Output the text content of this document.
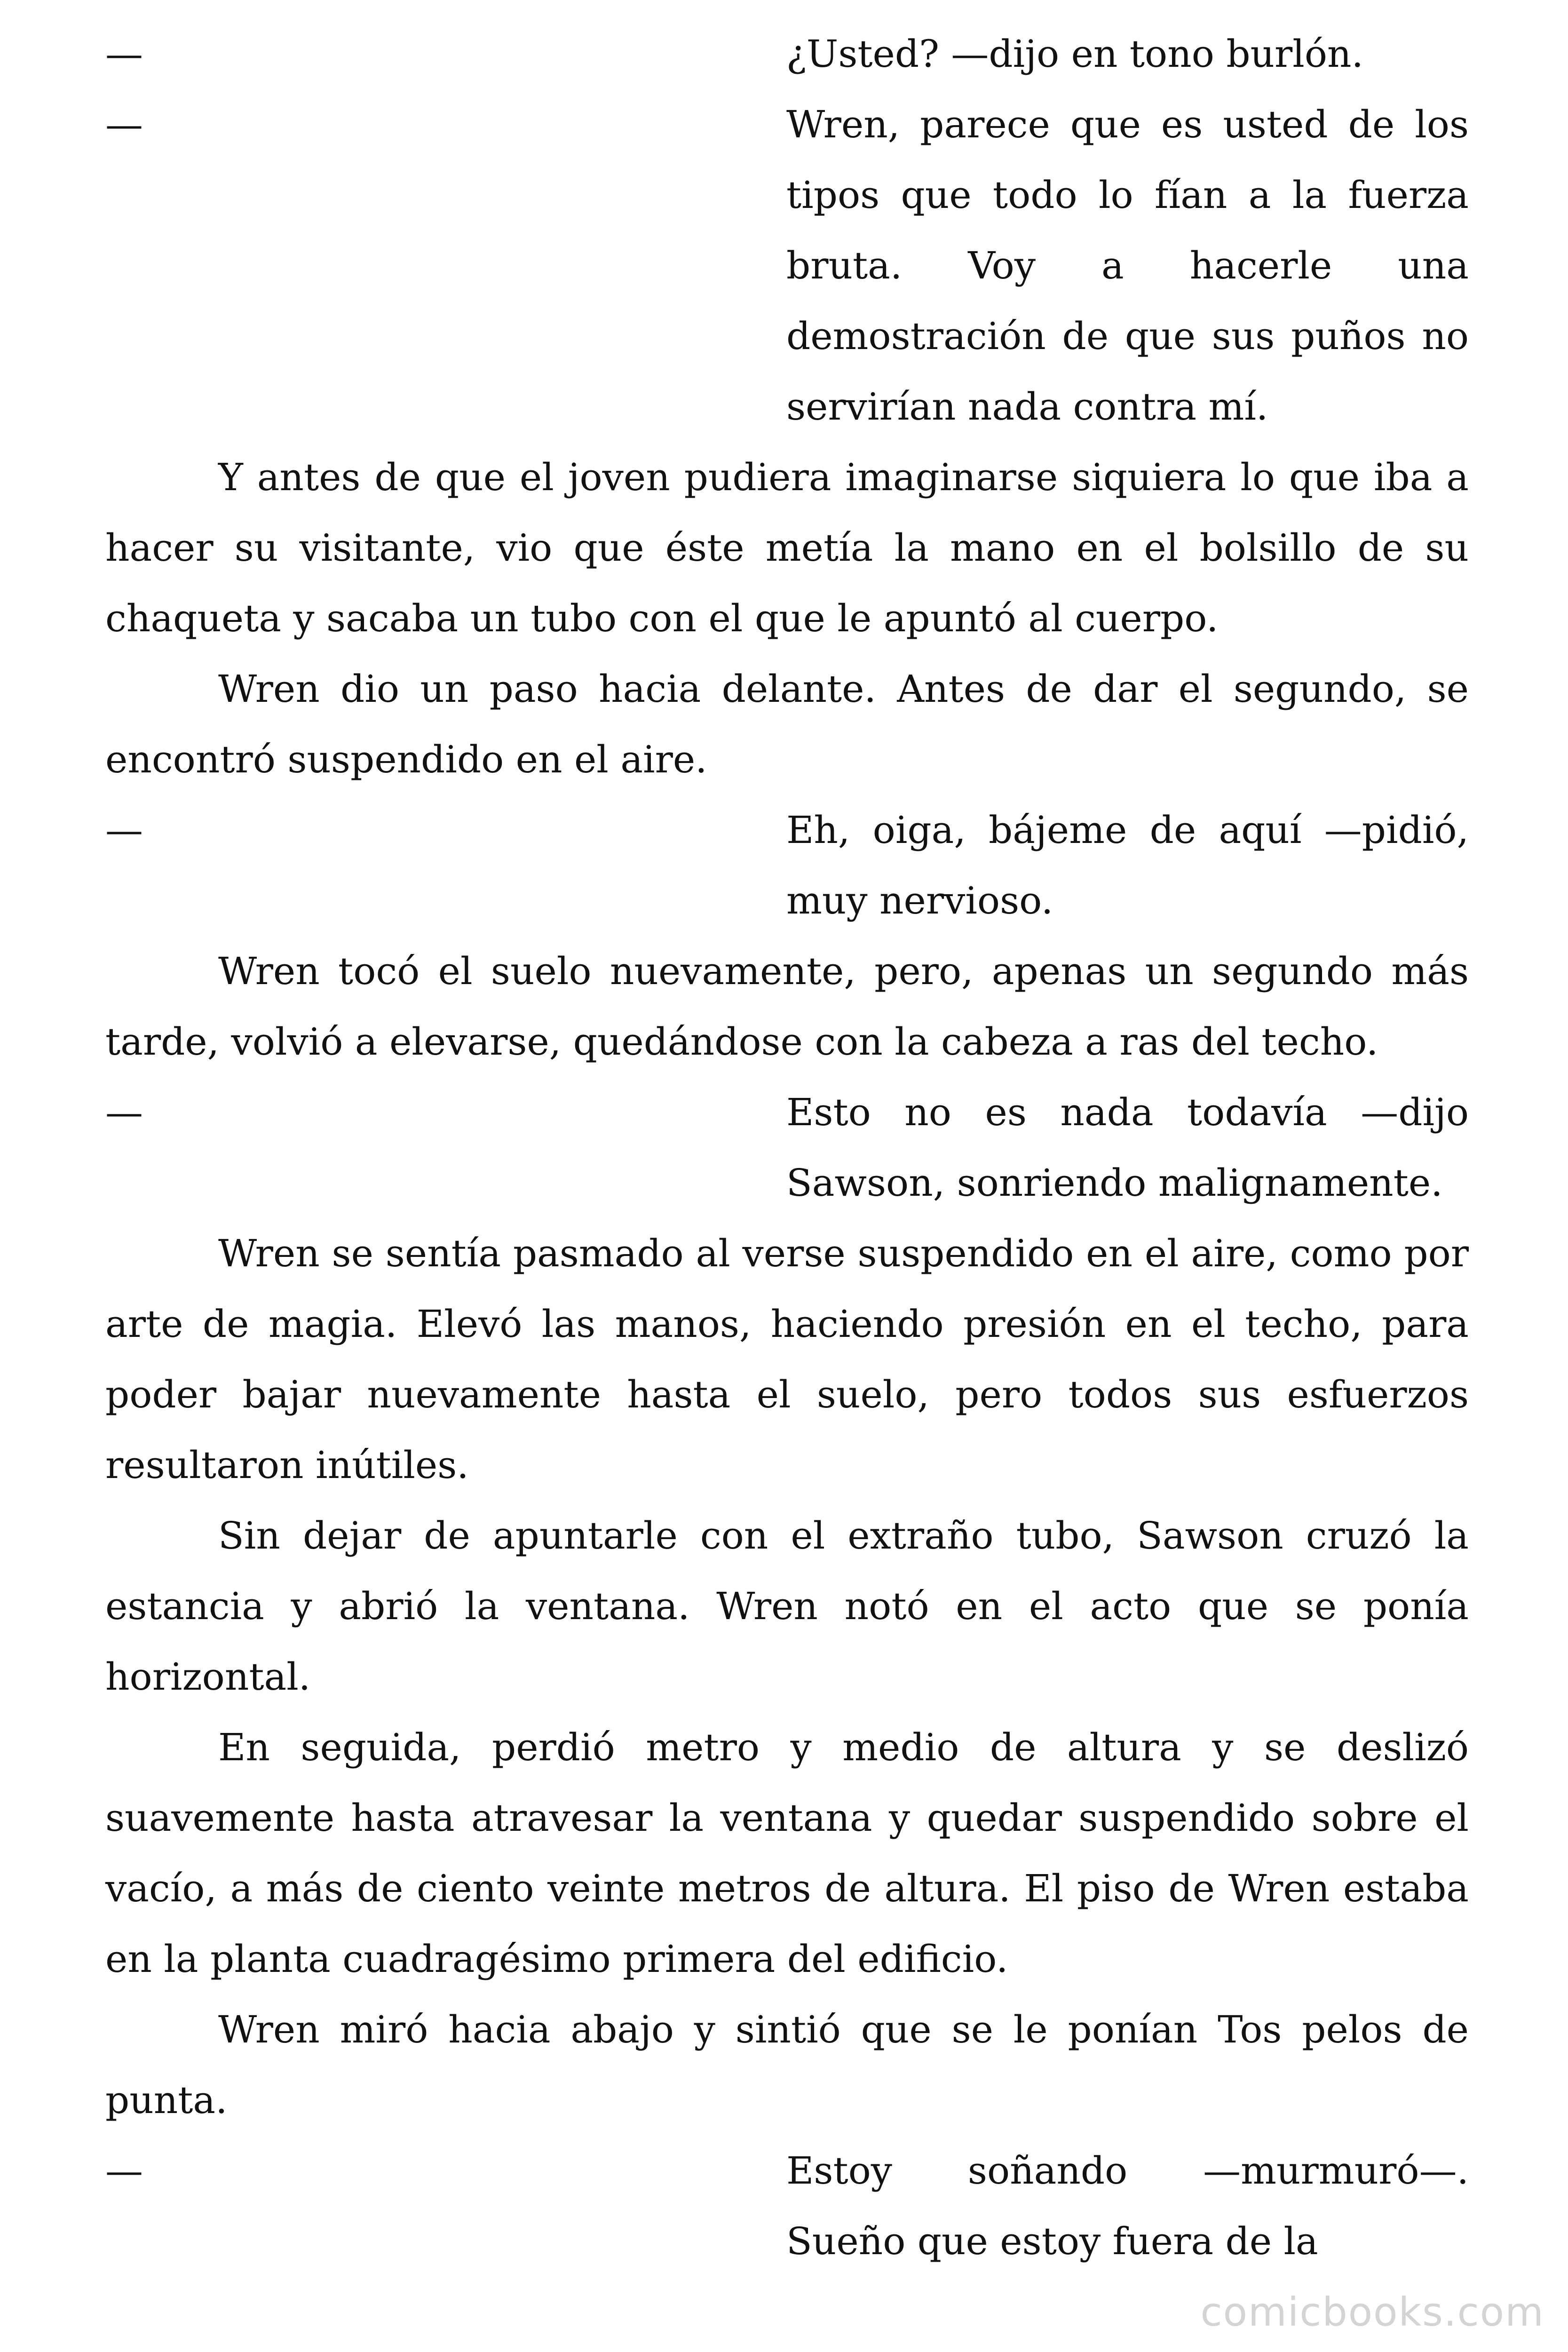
—	¿Usted? —dijo en tono burlón.

—	Wren, parece que es usted de los tipos que todo lo fían a la fuerza bruta. Voy a hacerle una demostración de que sus puños no servirían nada contra mí.

Y antes de que el joven pudiera imaginarse siquiera lo que iba a hacer su visitante, vio que éste metía la mano en el bolsillo de su chaqueta y sacaba un tubo con el que le apuntó al cuerpo.

Wren dio un paso hacia delante. Antes de dar el segundo, se encontró suspendido en el aire.

—	Eh, oiga, bájeme de aquí —pidió, muy nervioso.

Wren tocó el suelo nuevamente, pero, apenas un segundo más tarde, volvió a elevarse, quedándose con la cabeza a ras del techo.

—	Esto no es nada todavía —dijo Sawson, sonriendo malignamente.

Wren se sentía pasmado al verse suspendido en el aire, como por arte de magia. Elevó las manos, haciendo presión en el techo, para poder bajar nuevamente hasta el suelo, pero todos sus esfuerzos resultaron inútiles.

Sin dejar de apuntarle con el extraño tubo, Sawson cruzó la estancia y abrió la ventana. Wren notó en el acto que se ponía horizontal.

En seguida, perdió metro y medio de altura y se deslizó suavemente hasta atravesar la ventana y quedar suspendido sobre el vacío, a más de ciento veinte metros de altura. El piso de Wren estaba en la planta cuadragésimo primera del edificio.

Wren miró hacia abajo y sintió que se le ponían Tos pelos de punta.

—	Estoy soñando —murmuró—. Sueño que estoy fuera de la

comicbooks.com
